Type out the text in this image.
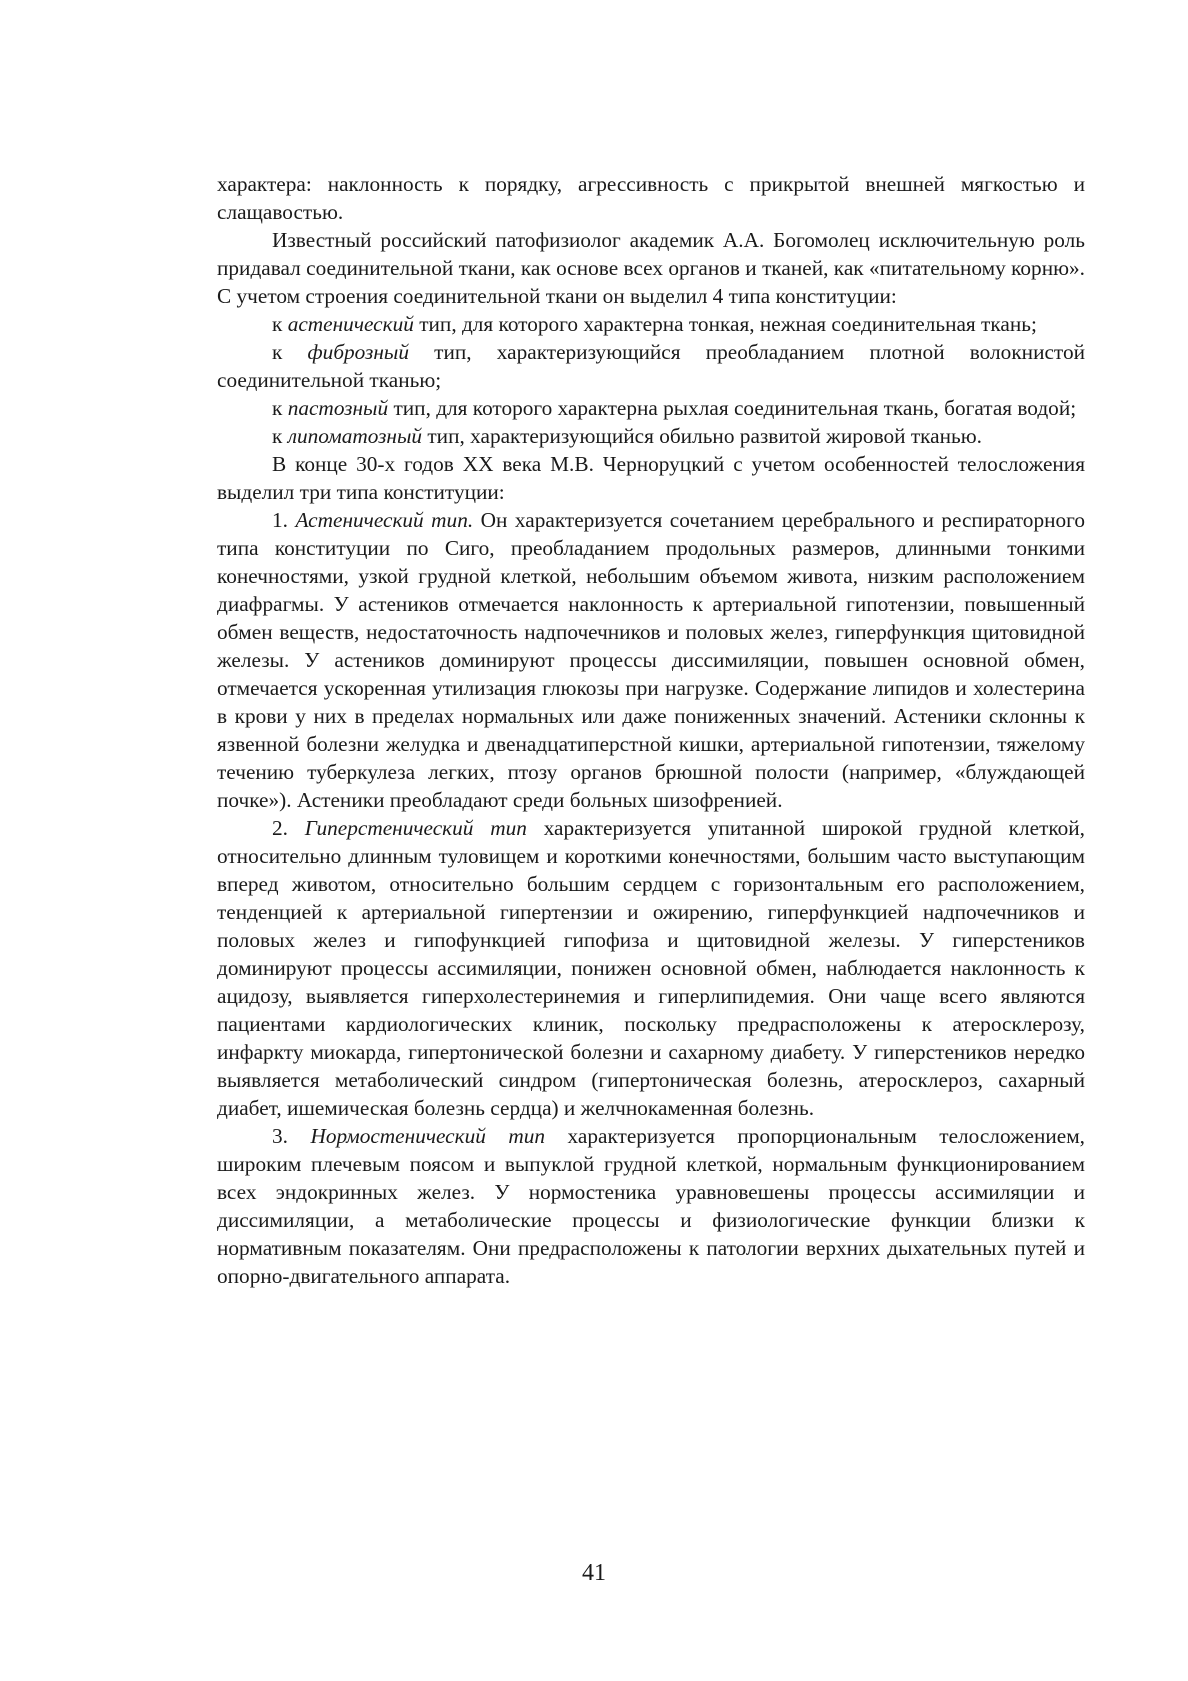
характера: наклонность к порядку, агрессивность с прикрытой внешней мягкостью и слащавостью.

Известный российский патофизиолог академик А.А. Богомолец исключительную роль придавал соединительной ткани, как основе всех органов и тканей, как «питательному корню». С учетом строения соединительной ткани он выделил 4 типа конституции:

к астенический тип, для которого характерна тонкая, нежная соединительная ткань;

к фиброзный тип, характеризующийся преобладанием плотной волокнистой соединительной тканью;

к пастозный тип, для которого характерна рыхлая соединительная ткань, богатая водой;

к липоматозный тип, характеризующийся обильно развитой жировой тканью.

В конце 30-х годов XX века М.В. Черноруцкий с учетом особенностей телосложения выделил три типа конституции:

1. Астенический тип. Он характеризуется сочетанием церебрального и респираторного типа конституции по Сиго, преобладанием продольных размеров, длинными тонкими конечностями, узкой грудной клеткой, небольшим объемом живота, низким расположением диафрагмы. У астеников отмечается наклонность к артериальной гипотензии, повышенный обмен веществ, недостаточность надпочечников и половых желез, гиперфункция щитовидной железы. У астеников доминируют процессы диссимиляции, повышен основной обмен, отмечается ускоренная утилизация глюкозы при нагрузке. Содержание липидов и холестерина в крови у них в пределах нормальных или даже пониженных значений. Астеники склонны к язвенной болезни желудка и двенадцатиперстной кишки, артериальной гипотензии, тяжелому течению туберкулеза легких, птозу органов брюшной полости (например, «блуждающей почке»). Астеники преобладают среди больных шизофренией.

2. Гиперстенический тип характеризуется упитанной широкой грудной клеткой, относительно длинным туловищем и короткими конечностями, большим часто выступающим вперед животом, относительно большим сердцем с горизонтальным его расположением, тенденцией к артериальной гипертензии и ожирению, гиперфункцией надпочечников и половых желез и гипофункцией гипофиза и щитовидной железы. У гиперстеников доминируют процессы ассимиляции, понижен основной обмен, наблюдается наклонность к ацидозу, выявляется гиперхолестеринемия и гиперлипидемия. Они чаще всего являются пациентами кардиологических клиник, поскольку предрасположены к атеросклерозу, инфаркту миокарда, гипертонической болезни и сахарному диабету. У гиперстеников нередко выявляется метаболический синдром (гипертоническая болезнь, атеросклероз, сахарный диабет, ишемическая болезнь сердца) и желчнокаменная болезнь.

3. Нормостенический тип характеризуется пропорциональным телосложением, широким плечевым поясом и выпуклой грудной клеткой, нормальным функционированием всех эндокринных желез. У нормостеника уравновешены процессы ассимиляции и диссимиляции, а метаболические процессы и физиологические функции близки к нормативным показателям. Они предрасположены к патологии верхних дыхательных путей и опорно-двигательного аппарата.

41
